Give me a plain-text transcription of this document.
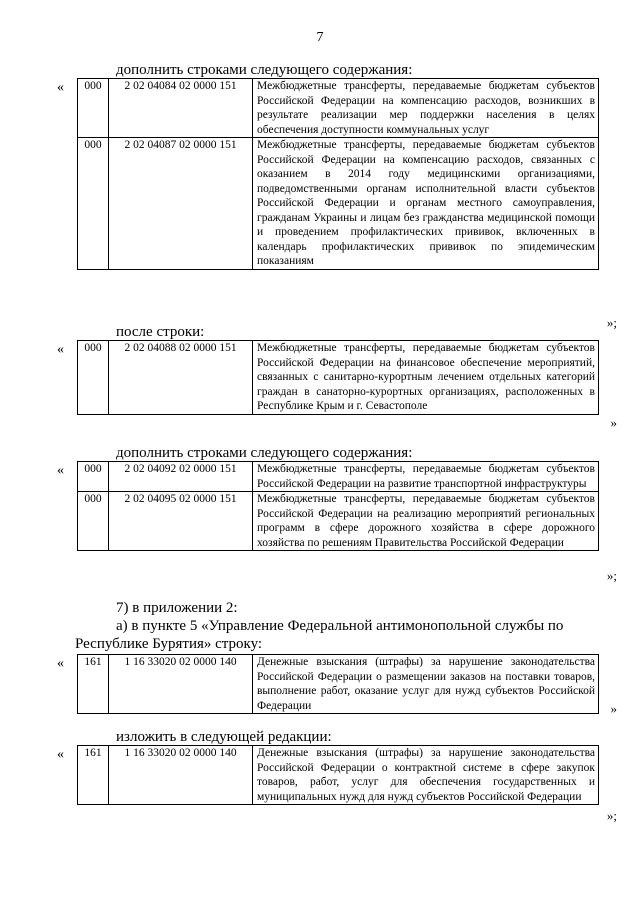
7
дополнить строками следующего содержания:
« 000	2 02 04084 02 0000 151	Межбюджетные трансферты, передаваемые бюджетам субъектов Российской Федерации на компенсацию расходов, возникших в результате реализации мер поддержки населения в целях обеспечения доступности коммунальных услуг
000	2 02 04087 02 0000 151	Межбюджетные трансферты, передаваемые бюджетам субъектов Российской Федерации на компенсацию расходов, связанных с оказанием в 2014 году медицинскими организациями, подведомственными органам исполнительной власти субъектов Российской Федерации и органам местного самоуправления, гражданам Украины и лицам без гражданства медицинской помощи и проведением профилактических прививок, включенных в календарь профилактических прививок по эпидемическим показаниям
»;
после строки:
« 000	2 02 04088 02 0000 151	Межбюджетные трансферты, передаваемые бюджетам субъектов Российской Федерации на финансовое обеспечение мероприятий, связанных с санитарно-курортным лечением отдельных категорий граждан в санаторно-курортных организациях, расположенных в Республике Крым и г. Севастополе
»
дополнить строками следующего содержания:
« 000	2 02 04092 02 0000 151	Межбюджетные трансферты, передаваемые бюджетам субъектов Российской Федерации на развитие транспортной инфраструктуры
000	2 02 04095 02 0000 151	Межбюджетные трансферты, передаваемые бюджетам субъектов Российской Федерации на реализацию мероприятий региональных программ в сфере дорожного хозяйства в сфере дорожного хозяйства по решениям Правительства Российской Федерации
»;
7) в приложении 2:
а) в пункте 5 «Управление Федеральной антимонопольной службы по
Республике Бурятия» строку:
« 161	1 16 33020 02 0000 140	Денежные взыскания (штрафы) за нарушение законодательства Российской Федерации о размещении заказов на поставки товаров, выполнение работ, оказание услуг для нужд субъектов Российской Федерации	»
изложить в следующей редакции:
« 161	1 16 33020 02 0000 140	Денежные взыскания (штрафы) за нарушение законодательства Российской Федерации о контрактной системе в сфере закупок товаров, работ, услуг для обеспечения государственных и муниципальных нужд для нужд субъектов Российской Федерации
»;
